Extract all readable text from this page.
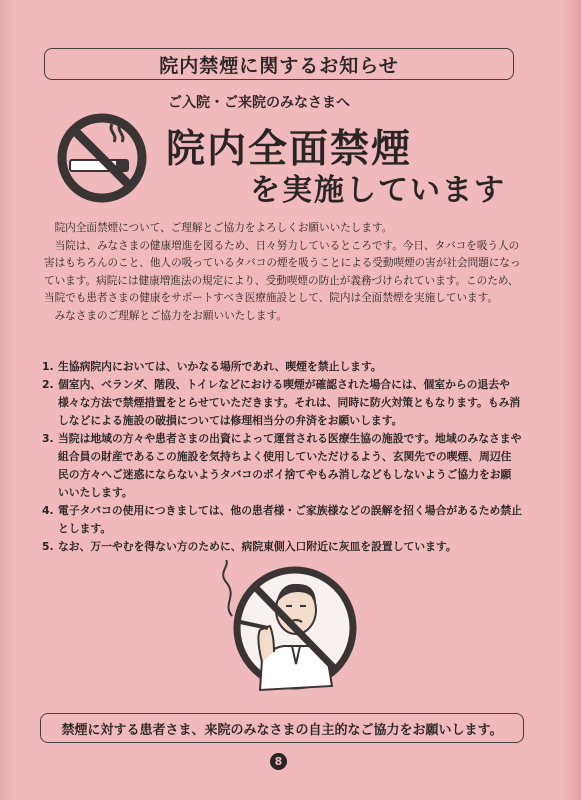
院内禁煙に関するお知らせ
ご入院・ご来院のみなさまへ
院内全面禁煙
を実施しています

院内全面禁煙について、ご理解とご協力をよろしくお願いいたします。

当院は、みなさまの健康増進を図るため、日々努力しているところです。今日、タバコを吸う人の害はもちろんのこと、他人の吸っているタバコの煙を吸うことによる受動喫煙の害が社会問題になっています。病院には健康増進法の規定により、受動喫煙の防止が義務づけられています。このため、当院でも患者さまの健康をサポートすべき医療施設として、院内は全面禁煙を実施しています。

みなさまのご理解とご協力をお願いいたします。

1. 生協病院内においては、いかなる場所であれ、喫煙を禁止します。
2. 個室内、ベランダ、階段、トイレなどにおける喫煙が確認された場合には、個室からの退去や様々な方法で禁煙措置をとらせていただきます。それは、同時に防火対策ともなります。もみ消しなどによる施設の破損については修理相当分の弁済をお願いします。
3. 当院は地域の方々や患者さまの出資によって運営される医療生協の施設です。地域のみなさまや組合員の財産であるこの施設を気持ちよく使用していただけるよう、玄関先での喫煙、周辺住民の方々へご迷惑にならないようタバコのポイ捨てやもみ消しなどもしないようご協力をお願いいたします。
4. 電子タバコの使用につきましては、他の患者様・ご家族様などの誤解を招く場合があるため禁止とします。
5. なお、万一やむを得ない方のために、病院東側入口附近に灰皿を設置しています。
禁煙に対する患者さま、来院のみなさまの自主的なご協力をお願いします。
8
